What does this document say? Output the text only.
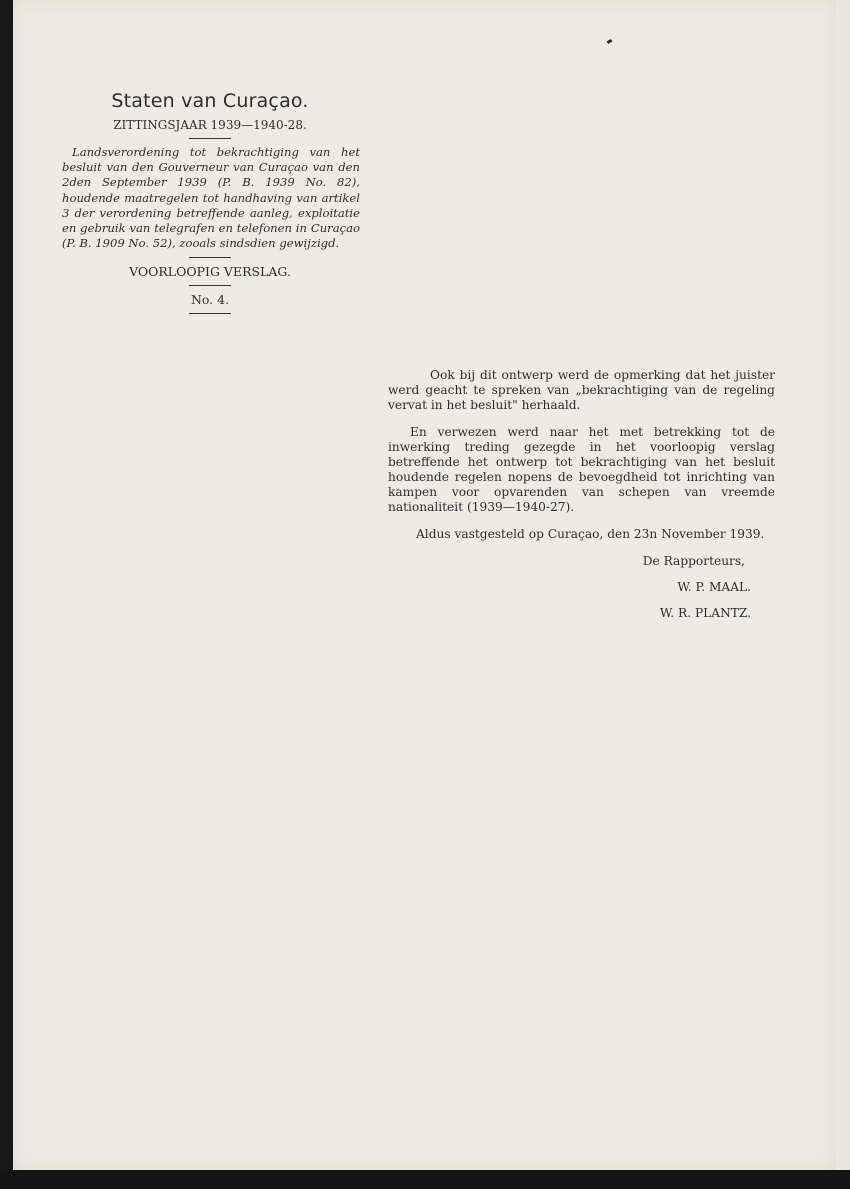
Staten van Curaçao.
ZITTINGSJAAR 1939—1940-28.
Landsverordening tot bekrachtiging van het besluit van den Gouverneur van Curaçao van den 2den September 1939 (P. B. 1939 No. 82), houdende maatregelen tot handhaving van artikel 3 der verordening betreffende aanleg, exploitatie en gebruik van telegrafen en telefonen in Curaçao (P. B. 1909 No. 52), zooals sindsdien gewijzigd.
VOORLOOPIG VERSLAG.
No. 4.

Ook bij dit ontwerp werd de opmerking dat het juister werd geacht te spreken van „bekrachtiging van de regeling vervat in het besluit" herhaald.

En verwezen werd naar het met betrekking tot de inwerking treding gezegde in het voorloopig verslag betreffende het ontwerp tot bekrachtiging van het besluit houdende regelen nopens de bevoegdheid tot inrichting van kampen voor opvarenden van schepen van vreemde nationaliteit (1939—1940-27).

Aldus vastgesteld op Curaçao, den 23n November 1939.
De Rapporteurs,
W. P. MAAL.
W. R. PLANTZ.
